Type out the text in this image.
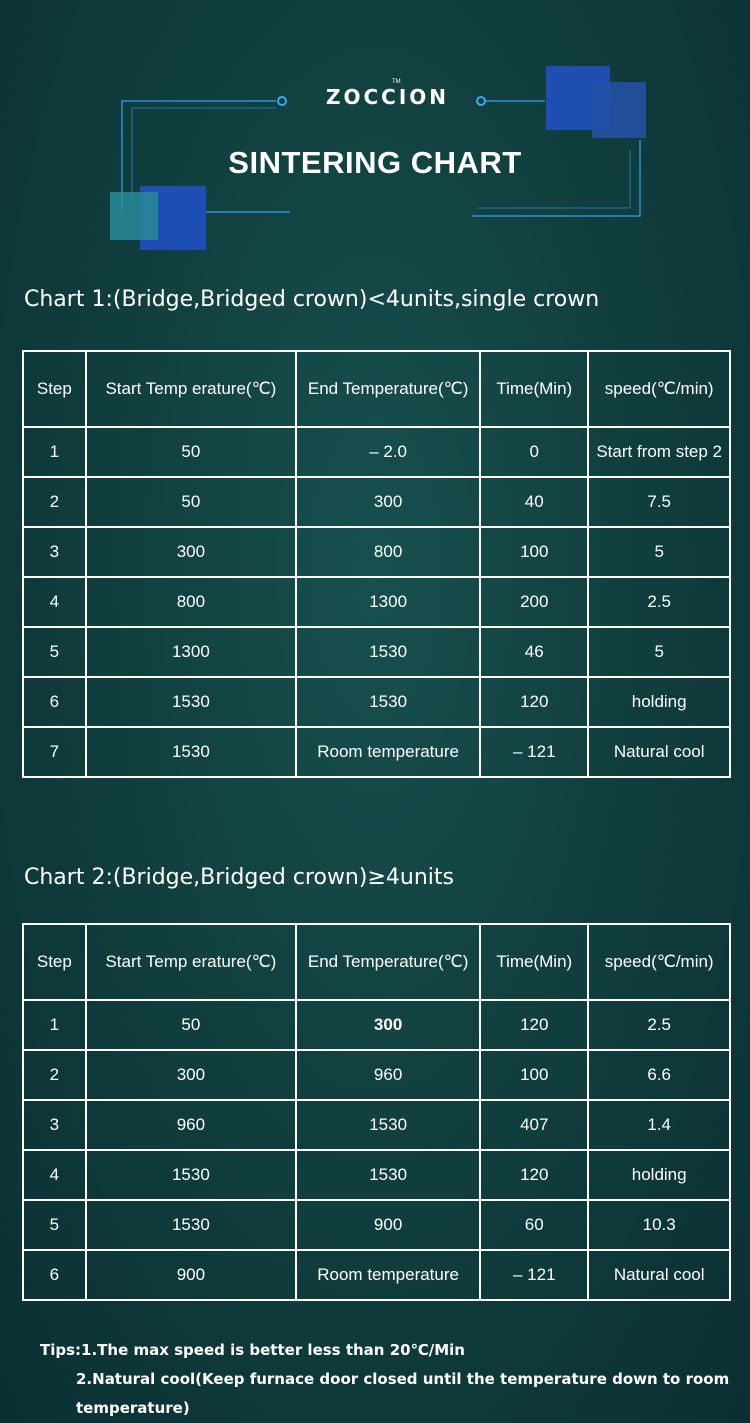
ZOCCION
TM
SINTERING CHART
Chart 1:(Bridge,Bridged crown)<4units,single crown
Step	Start Temp erature(℃)	End Temperature(℃)	Time(Min)	speed(℃/min)
1	50	– 2.0	0	Start from step 2
2	50	300	40	7.5
3	300	800	100	5
4	800	1300	200	2.5
5	1300	1530	46	5
6	1530	1530	120	holding
7	1530	Room temperature	– 121	Natural cool
Chart 2:(Bridge,Bridged crown)≥4units
Step	Start Temp erature(℃)	End Temperature(℃)	Time(Min)	speed(℃/min)
1	50	300	120	2.5
2	300	960	100	6.6
3	960	1530	407	1.4
4	1530	1530	120	holding
5	1530	900	60	10.3
6	900	Room temperature	– 121	Natural cool
Tips:1.The max speed is better less than 20℃/Min
2.Natural cool(Keep furnace door closed until the temperature down to room temperature)
